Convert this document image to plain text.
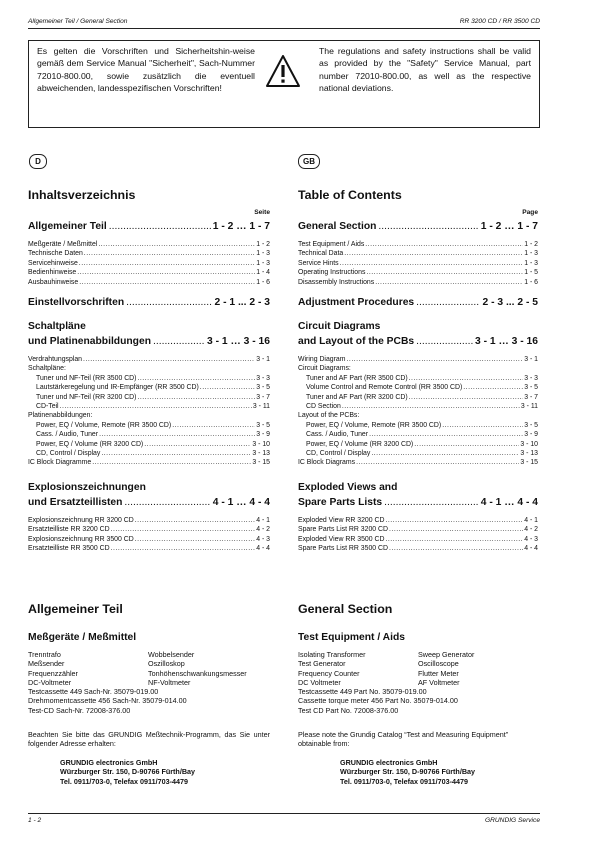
Allgemeiner Teil / General Section	RR 3200 CD / RR 3500 CD
Es gelten die Vorschriften und Sicherheitshin-weise gemäß dem Service Manual "Sicherheit", Sach-Nummer 72010-800.00, sowie zusätzlich die eventuell abweichenden, landesspezifischen Vorschriften!
The regulations and safety instructions shall be valid as provided by the "Safety" Service Manual, part number 72010-800.00, as well as the respective national deviations.
D	GB
Inhaltsverzeichnis
Seite
Allgemeiner Teil .....	1 - 2 … 1 - 7
Meßgeräte / Meßmittel .....	1 - 2
Technische Daten .....	1 - 3
Servicehinweise .....	1 - 3
Bedienhinweise .....	1 - 4
Ausbauhinweise .....	1 - 6
Einstellvorschriften .....	2 - 1 ... 2 - 3
Schaltpläne
und Platinenabbildungen .....	3 - 1 … 3 - 16
Verdrahtungsplan .....	3 - 1
Schaltpläne:
Tuner und NF-Teil (RR 3500 CD) .....	3 - 3
Lautstärkeregelung und IR-Empfänger (RR 3500 CD) .....	3 - 5
Tuner und NF-Teil (RR 3200 CD) .....	3 - 7
CD-Teil .....	3 - 11
Platinenabbildungen:
Power, EQ / Volume, Remote (RR 3500 CD) .....	3 - 5
Cass. / Audio, Tuner .....	3 - 9
Power, EQ / Volume (RR 3200 CD) .....	3 - 10
CD, Control / Display .....	3 - 13
IC Block Diagramme .....	3 - 15
Explosionszeichnungen
und Ersatzteillisten .....	4 - 1 … 4 - 4
Explosionszeichnung RR 3200 CD .....	4 - 1
Ersatzteilliste RR 3200 CD .....	4 - 2
Explosionszeichnung RR 3500 CD .....	4 - 3
Ersatzteilliste RR 3500 CD .....	4 - 4
Table of Contents
Page
General Section .....	1 - 2 … 1 - 7
Test Equipment / Aids .....	1 - 2
Technical Data .....	1 - 3
Service Hints .....	1 - 3
Operating Instructions .....	1 - 5
Disassembly Instructions .....	1 - 6
Adjustment Procedures .....	2 - 3 ... 2 - 5
Circuit Diagrams
and Layout of the PCBs .....	3 - 1 … 3 - 16
Wiring Diagram .....	3 - 1
Circuit Diagrams:
Tuner and AF Part (RR 3500 CD) .....	3 - 3
Volume Control and Remote Control (RR 3500 CD) .....	3 - 5
Tuner and AF Part (RR 3200 CD) .....	3 - 7
CD Section .....	3 - 11
Layout of the PCBs:
Power, EQ / Volume, Remote (RR 3500 CD) .....	3 - 5
Cass. / Audio, Tuner .....	3 - 9
Power, EQ / Volume (RR 3200 CD) .....	3 - 10
CD, Control / Display .....	3 - 13
IC Block Diagrams .....	3 - 15
Exploded Views and
Spare Parts Lists .....	4 - 1 … 4 - 4
Exploded View RR 3200 CD .....	4 - 1
Spare Parts List RR 3200 CD .....	4 - 2
Exploded View RR 3500 CD .....	4 - 3
Spare Parts List RR 3500 CD .....	4 - 4
Allgemeiner Teil
Meßgeräte / Meßmittel
Trenntrafo	Wobbelsender
Meßsender	Oszilloskop
Frequenzzähler	Tonhöhenschwankungsmesser
DC-Voltmeter	NF-Voltmeter
Testcassette 449 Sach-Nr. 35079-019.00
Drehmomentcassette 456 Sach-Nr. 35079-014.00
Test-CD Sach-Nr. 72008-376.00
Beachten Sie bitte das GRUNDIG Meßtechnik-Programm, das Sie unter folgender Adresse erhalten:
GRUNDIG electronics GmbH
Würzburger Str. 150, D-90766 Fürth/Bay
Tel. 0911/703-0, Telefax 0911/703-4479
General Section
Test Equipment / Aids
Isolating Transformer	Sweep Generator
Test Generator	Oscilloscope
Frequency Counter	Flutter Meter
DC Voltmeter	AF Voltmeter
Testcassette 449 Part No. 35079-019.00
Cassette torque meter 456 Part No. 35079-014.00
Test CD Part No. 72008-376.00
Please note the Grundig Catalog “Test and Measuring Equipment” obtainable from:
GRUNDIG electronics GmbH
Würzburger Str. 150, D-90766 Fürth/Bay
Tel. 0911/703-0, Telefax 0911/703-4479
1 - 2	GRUNDIG Service
